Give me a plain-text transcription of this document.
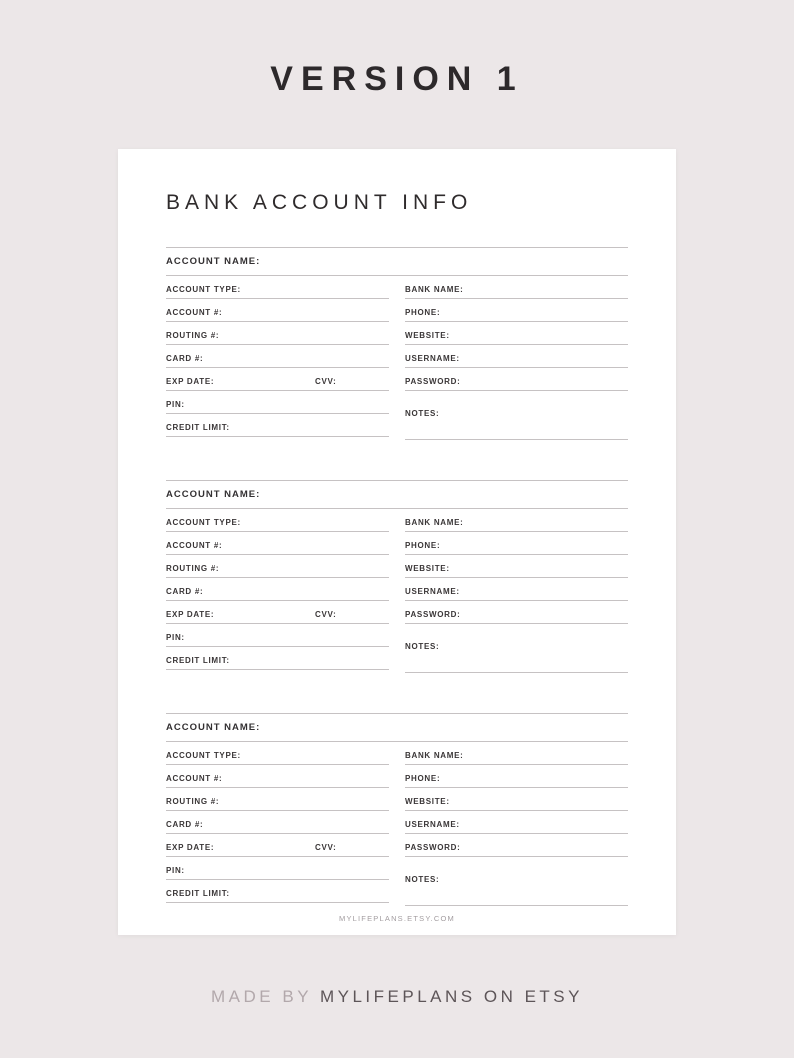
VERSION 1
BANK ACCOUNT INFO
ACCOUNT NAME:
ACCOUNT TYPE:
ACCOUNT #:
ROUTING #:
CARD #:
EXP DATE:	CVV:
PIN:
CREDIT LIMIT:
BANK NAME:
PHONE:
WEBSITE:
USERNAME:
PASSWORD:
NOTES:
ACCOUNT NAME:
ACCOUNT TYPE:
ACCOUNT #:
ROUTING #:
CARD #:
EXP DATE:	CVV:
PIN:
CREDIT LIMIT:
BANK NAME:
PHONE:
WEBSITE:
USERNAME:
PASSWORD:
NOTES:
ACCOUNT NAME:
ACCOUNT TYPE:
ACCOUNT #:
ROUTING #:
CARD #:
EXP DATE:	CVV:
PIN:
CREDIT LIMIT:
BANK NAME:
PHONE:
WEBSITE:
USERNAME:
PASSWORD:
NOTES:
MYLIFEPLANS.ETSY.COM
MADE BY MYLIFEPLANS ON ETSY
